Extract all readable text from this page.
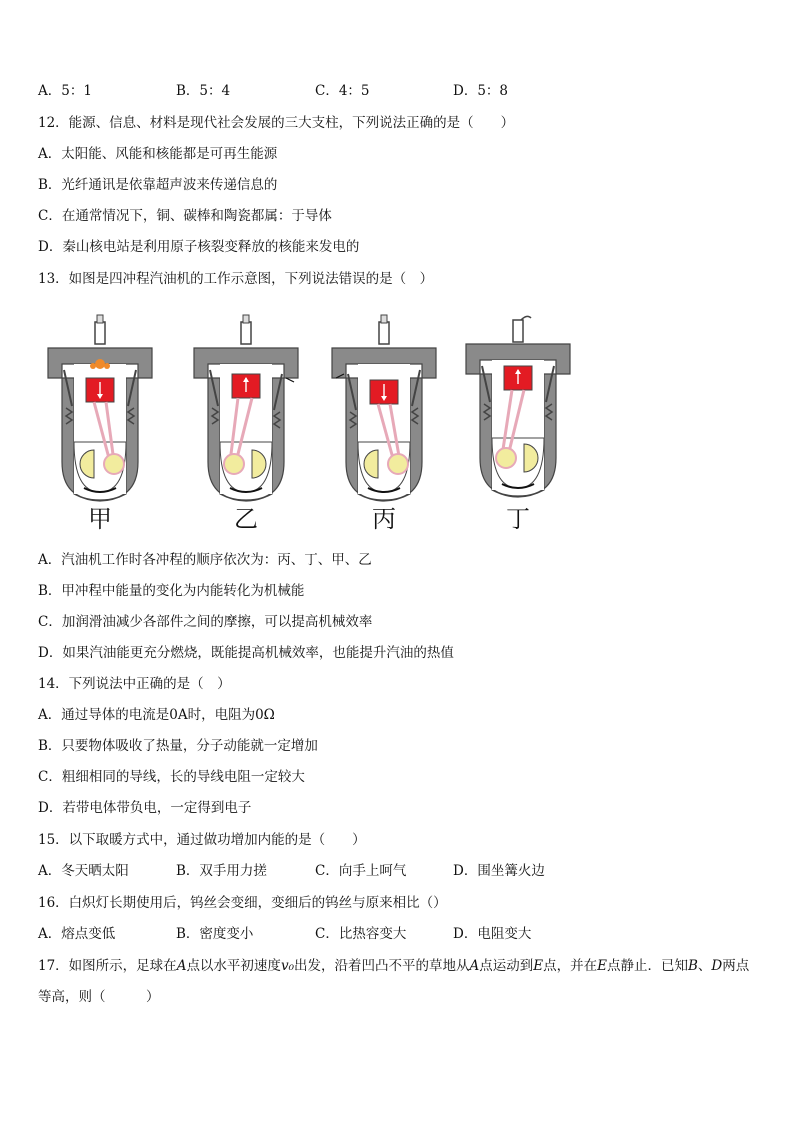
A．5：1	B．5：4	C．4：5	D．5：8
12．能源、信息、材料是现代社会发展的三大支柱，下列说法正确的是（　　）
A．太阳能、风能和核能都是可再生能源
B．光纤通讯是依靠超声波来传递信息的
C．在通常情况下，铜、碳棒和陶瓷都属：于导体
D．秦山核电站是利用原子核裂变释放的核能来发电的
13．如图是四冲程汽油机的工作示意图，下列说法错误的是（　）
甲	乙	丙	丁
A．汽油机工作时各冲程的顺序依次为：丙、丁、甲、乙
B．甲冲程中能量的变化为内能转化为机械能
C．加润滑油减少各部件之间的摩擦，可以提高机械效率
D．如果汽油能更充分燃烧，既能提高机械效率，也能提升汽油的热值
14．下列说法中正确的是（　）
A．通过导体的电流是0A时，电阻为0Ω
B．只要物体吸收了热量，分子动能就一定增加
C．粗细相同的导线，长的导线电阻一定较大
D．若带电体带负电，一定得到电子
15．以下取暖方式中，通过做功增加内能的是（　　）
A．冬天晒太阳	B．双手用力搓	C．向手上呵气	D．围坐篝火边
16．白炽灯长期使用后，钨丝会变细，变细后的钨丝与原来相比（）
A．熔点变低	B．密度变小	C．比热容变大	D．电阻变大
17．如图所示，足球在A点以水平初速度v₀出发，沿着凹凸不平的草地从A点运动到E点，并在E点静止．已知B、D两点等高，则（　　　）
